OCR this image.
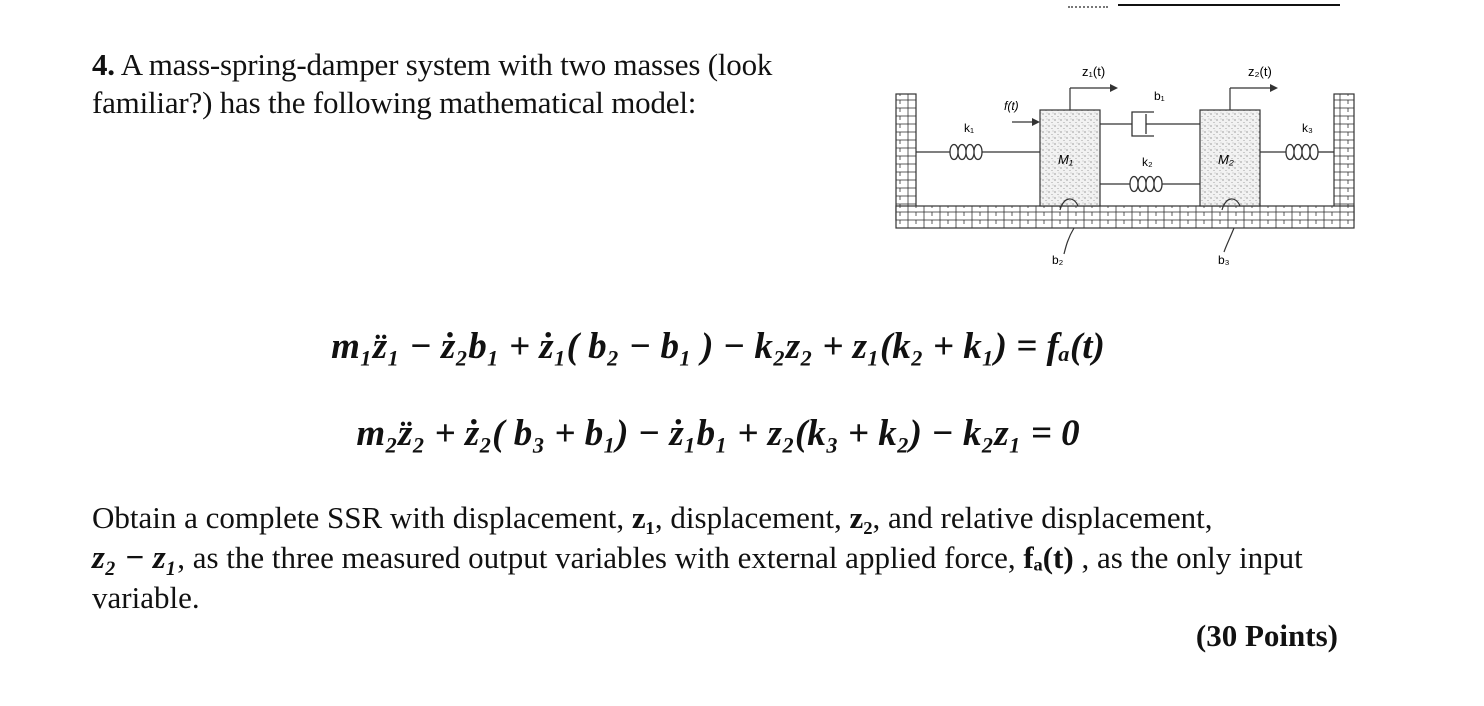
4. A mass-spring-damper system with two masses (look familiar?) has the following mathematical model:
M₁	M₂
k₁
k₂
k₃
b₁
b₂	b₃
f(t)
z₁(t)	z₂(t)
m₁z̈₁ − ż₂b₁ + ż₁( b₂ − b₁ ) − k₂z₂ + z₁(k₂ + k₁) = fₐ(t)
m₂z̈₂ + ż₂( b₃ + b₁) − ż₁b₁ + z₂(k₃ + k₂) − k₂z₁ = 0
Obtain a complete SSR with displacement, z₁, displacement, z₂, and relative displacement,
z₂ − z₁, as the three measured output variables with external applied force, fₐ(t) , as the only input variable.
(30 Points)
